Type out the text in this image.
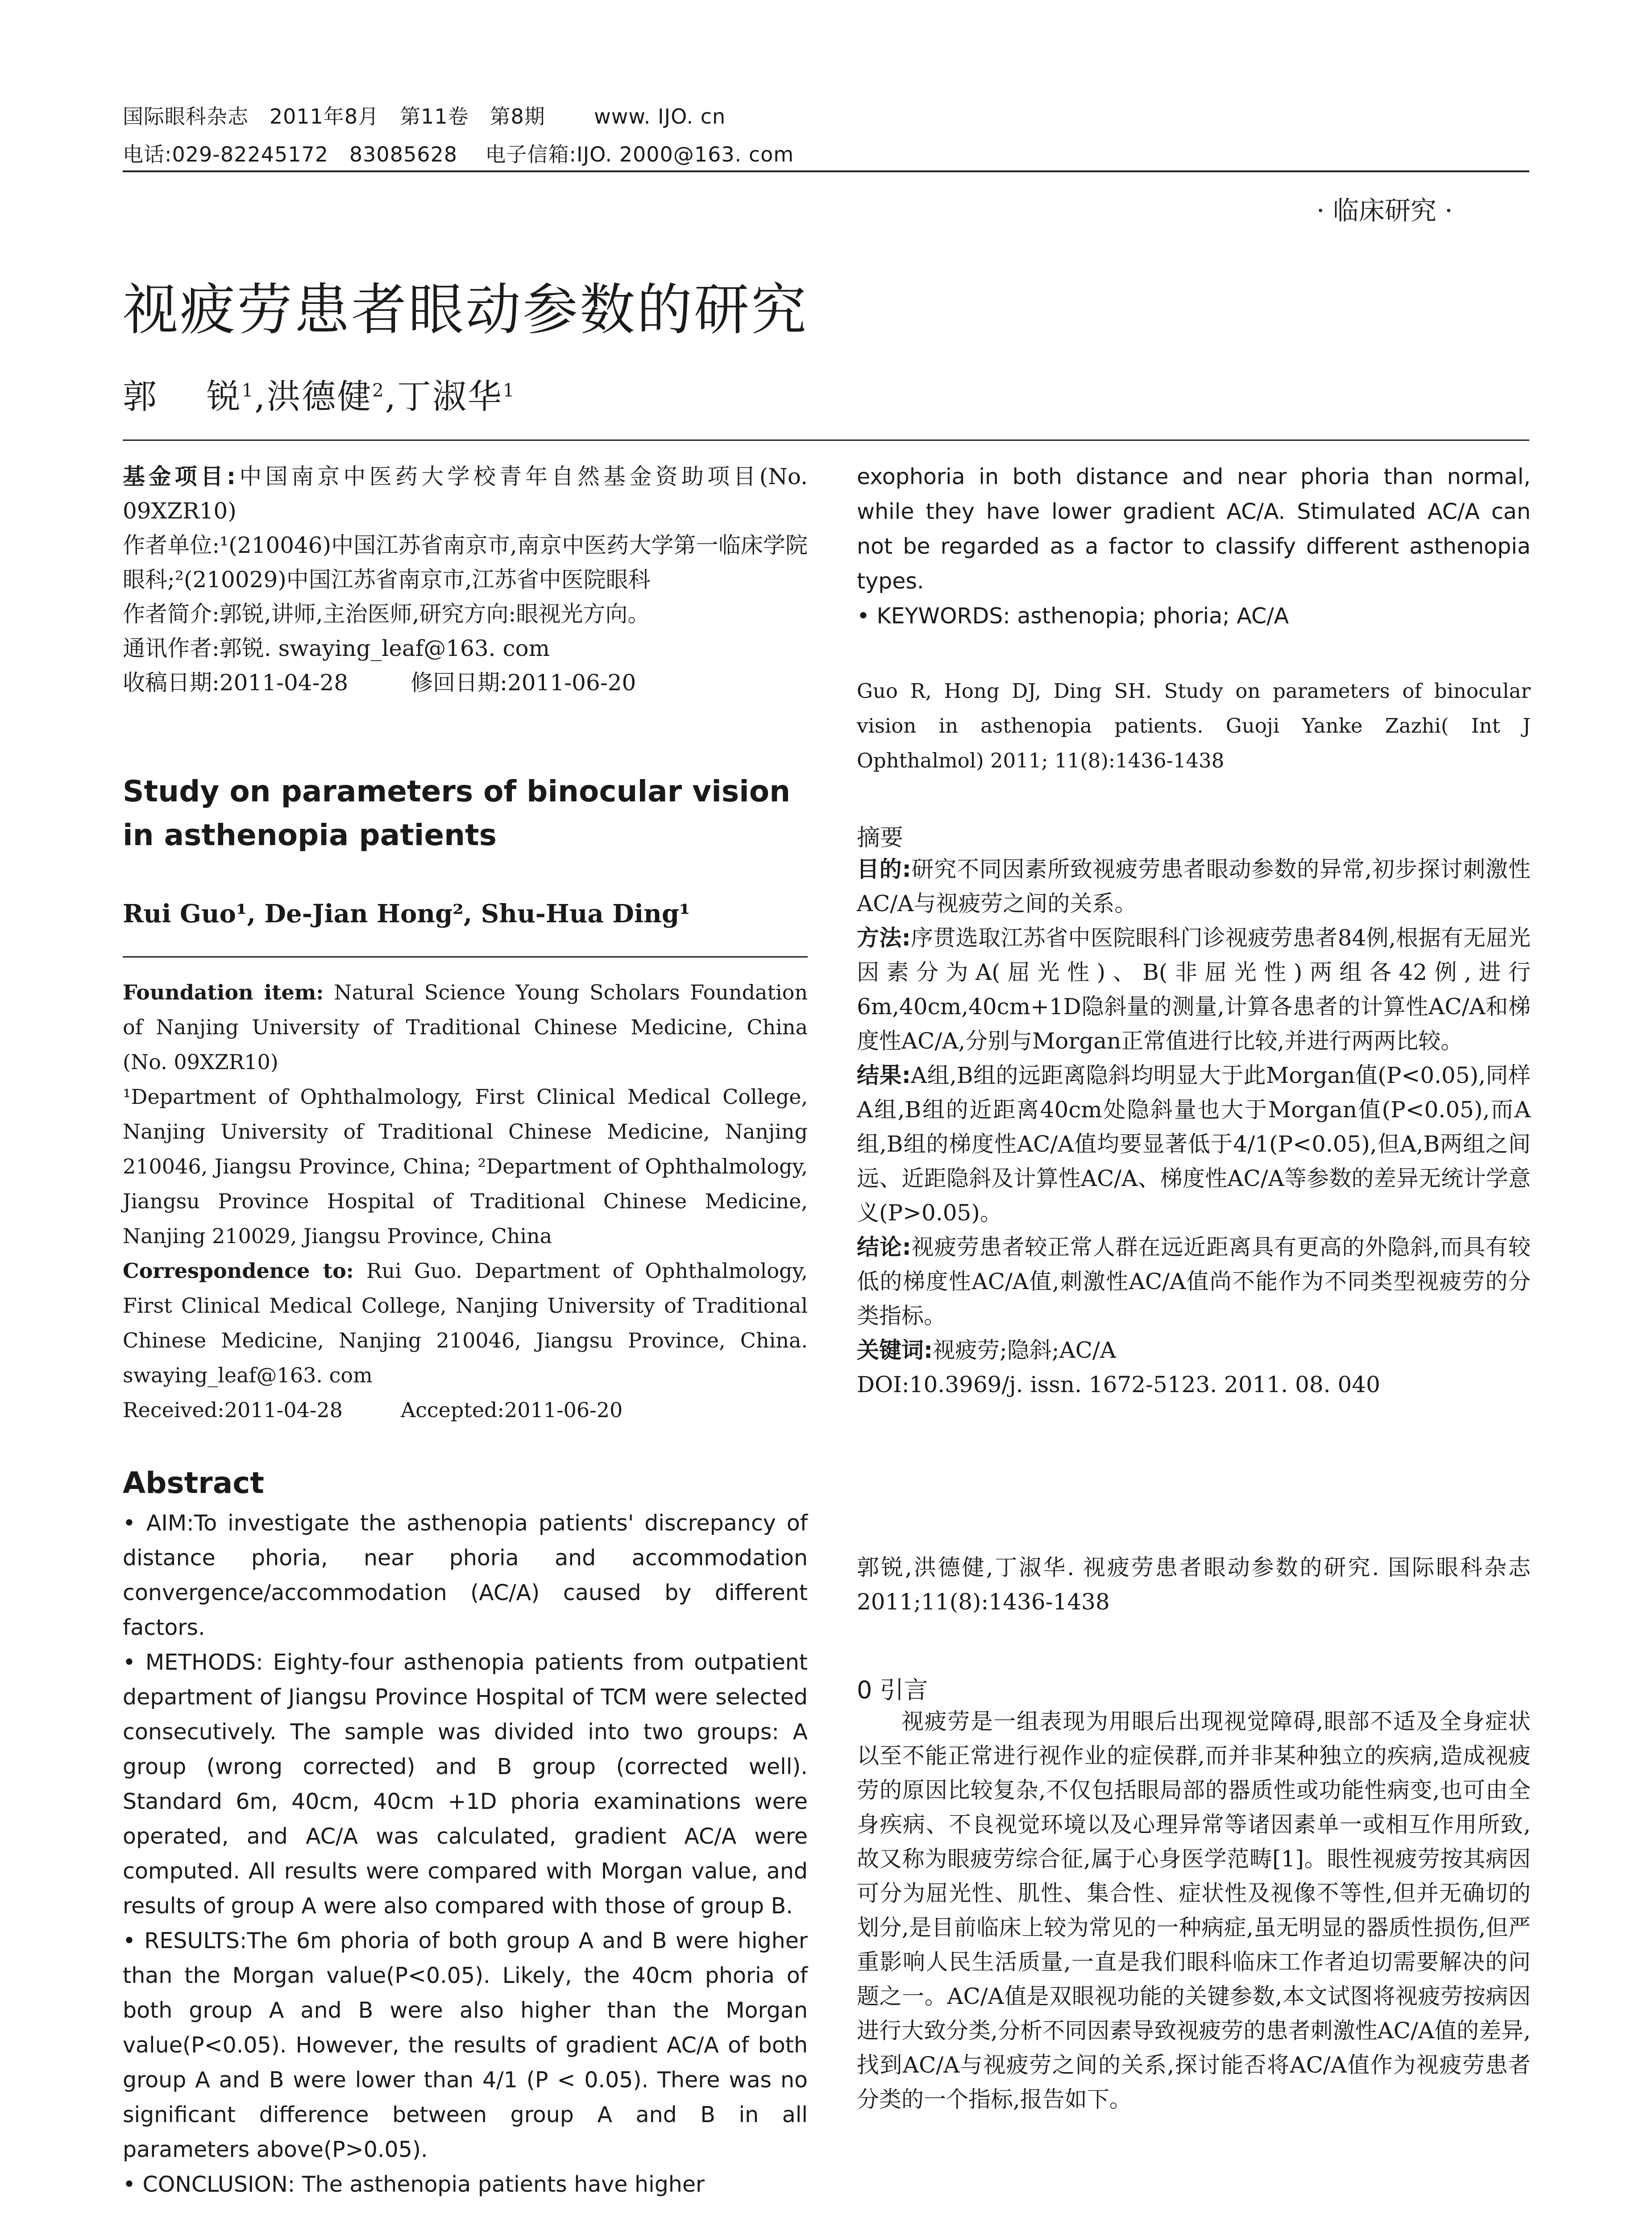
国际眼科杂志   2011年8月   第11卷   第8期       www. IJO. cn
电话:029-82245172   83085628    电子信箱:IJO. 2000@163. com
· 临床研究 ·
视疲劳患者眼动参数的研究
郭    锐$^1$,洪德健$^2$,丁淑华$^1$

基金项目:中国南京中医药大学校青年自然基金资助项目(No. 09XZR10)

作者单位:¹(210046)中国江苏省南京市,南京中医药大学第一临床学院眼科;²(210029)中国江苏省南京市,江苏省中医院眼科

作者简介:郭锐,讲师,主治医师,研究方向:眼视光方向。

通讯作者:郭锐. swaying_leaf@163. com

收稿日期:2011-04-28	修回日期:2011-06-20

Study on parameters of binocular vision in asthenopia patients
Rui Guo¹, De-Jian Hong², Shu-Hua Ding¹

Foundation item: Natural Science Young Scholars Foundation of Nanjing University of Traditional Chinese Medicine, China (No. 09XZR10)

¹Department of Ophthalmology, First Clinical Medical College, Nanjing University of Traditional Chinese Medicine, Nanjing 210046, Jiangsu Province, China; ²Department of Ophthalmology, Jiangsu Province Hospital of Traditional Chinese Medicine, Nanjing 210029, Jiangsu Province, China

Correspondence to: Rui Guo. Department of Ophthalmology, First Clinical Medical College, Nanjing University of Traditional Chinese Medicine, Nanjing 210046, Jiangsu Province, China. swaying_leaf@163. com

Received:2011-04-28	Accepted:2011-06-20

Abstract

• AIM:To investigate the asthenopia patients' discrepancy of distance phoria, near phoria and accommodation convergence/accommodation (AC/A) caused by different factors.

• METHODS: Eighty-four asthenopia patients from outpatient department of Jiangsu Province Hospital of TCM were selected consecutively. The sample was divided into two groups: A group (wrong corrected) and B group (corrected well). Standard 6m, 40cm, 40cm +1D phoria examinations were operated, and AC/A was calculated, gradient AC/A were computed. All results were compared with Morgan value, and results of group A were also compared with those of group B.

• RESULTS:The 6m phoria of both group A and B were higher than the Morgan value(P<0.05). Likely, the 40cm phoria of both group A and B were also higher than the Morgan value(P<0.05). However, the results of gradient AC/A of both group A and B were lower than 4/1 (P < 0.05). There was no significant difference between group A and B in all parameters above(P>0.05).

• CONCLUSION: The asthenopia patients have higher

exophoria in both distance and near phoria than normal, while they have lower gradient AC/A. Stimulated AC/A can not be regarded as a factor to classify different asthenopia types.

• KEYWORDS: asthenopia; phoria; AC/A

Guo R, Hong DJ, Ding SH. Study on parameters of binocular vision in asthenopia patients. Guoji Yanke Zazhi( Int J Ophthalmol) 2011; 11(8):1436-1438
摘要

目的:研究不同因素所致视疲劳患者眼动参数的异常,初步探讨刺激性AC/A与视疲劳之间的关系。

方法:序贯选取江苏省中医院眼科门诊视疲劳患者84例,根据有无屈光因素分为A(屈光性)、B(非屈光性)两组各42例,进行6m,40cm,40cm+1D隐斜量的测量,计算各患者的计算性AC/A和梯度性AC/A,分别与Morgan正常值进行比较,并进行两两比较。

结果:A组,B组的远距离隐斜均明显大于此Morgan值(P<0.05),同样A组,B组的近距离40cm处隐斜量也大于Morgan值(P<0.05),而A组,B组的梯度性AC/A值均要显著低于4/1(P<0.05),但A,B两组之间远、近距隐斜及计算性AC/A、梯度性AC/A等参数的差异无统计学意义(P>0.05)。

结论:视疲劳患者较正常人群在远近距离具有更高的外隐斜,而具有较低的梯度性AC/A值,刺激性AC/A值尚不能作为不同类型视疲劳的分类指标。

关键词:视疲劳;隐斜;AC/A

DOI:10.3969/j. issn. 1672-5123. 2011. 08. 040

郭锐,洪德健,丁淑华. 视疲劳患者眼动参数的研究. 国际眼科杂志 2011;11(8):1436-1438
0 引言

视疲劳是一组表现为用眼后出现视觉障碍,眼部不适及全身症状以至不能正常进行视作业的症侯群,而并非某种独立的疾病,造成视疲劳的原因比较复杂,不仅包括眼局部的器质性或功能性病变,也可由全身疾病、不良视觉环境以及心理异常等诸因素单一或相互作用所致,故又称为眼疲劳综合征,属于心身医学范畴[1]。眼性视疲劳按其病因可分为屈光性、肌性、集合性、症状性及视像不等性,但并无确切的划分,是目前临床上较为常见的一种病症,虽无明显的器质性损伤,但严重影响人民生活质量,一直是我们眼科临床工作者迫切需要解决的问题之一。AC/A值是双眼视功能的关键参数,本文试图将视疲劳按病因进行大致分类,分析不同因素导致视疲劳的患者刺激性AC/A值的差异,找到AC/A与视疲劳之间的关系,探讨能否将AC/A值作为视疲劳患者分类的一个指标,报告如下。
